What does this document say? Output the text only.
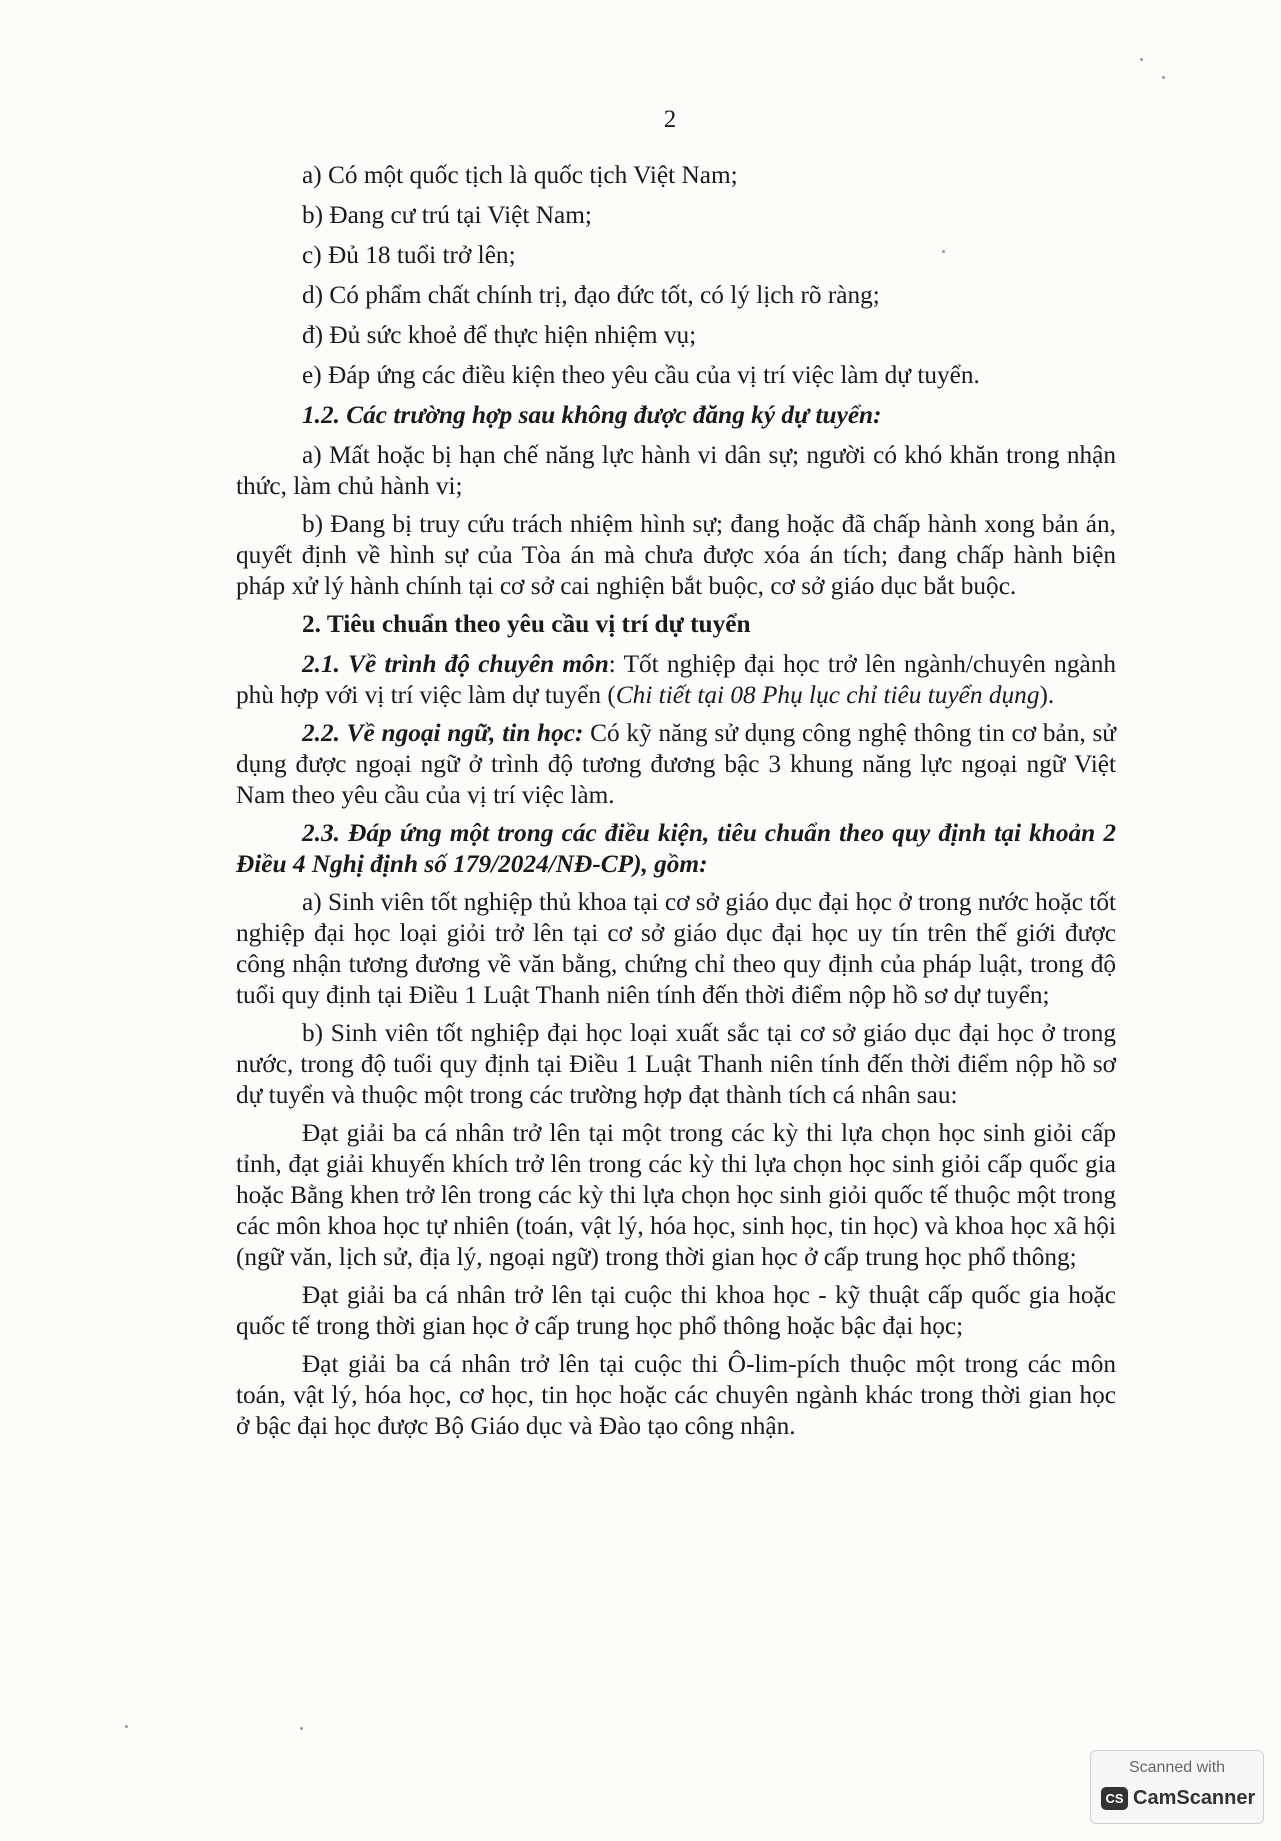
2

a) Có một quốc tịch là quốc tịch Việt Nam;

b) Đang cư trú tại Việt Nam;

c) Đủ 18 tuổi trở lên;

d) Có phẩm chất chính trị, đạo đức tốt, có lý lịch rõ ràng;

đ) Đủ sức khoẻ để thực hiện nhiệm vụ;

e) Đáp ứng các điều kiện theo yêu cầu của vị trí việc làm dự tuyển.

1.2. Các trường hợp sau không được đăng ký dự tuyển:

a) Mất hoặc bị hạn chế năng lực hành vi dân sự; người có khó khăn trong nhận thức, làm chủ hành vi;

b) Đang bị truy cứu trách nhiệm hình sự; đang hoặc đã chấp hành xong bản án, quyết định về hình sự của Tòa án mà chưa được xóa án tích; đang chấp hành biện pháp xử lý hành chính tại cơ sở cai nghiện bắt buộc, cơ sở giáo dục bắt buộc.

2. Tiêu chuẩn theo yêu cầu vị trí dự tuyển

2.1. Về trình độ chuyên môn: Tốt nghiệp đại học trở lên ngành/chuyên ngành phù hợp với vị trí việc làm dự tuyển (Chi tiết tại 08 Phụ lục chỉ tiêu tuyển dụng).

2.2. Về ngoại ngữ, tin học: Có kỹ năng sử dụng công nghệ thông tin cơ bản, sử dụng được ngoại ngữ ở trình độ tương đương bậc 3 khung năng lực ngoại ngữ Việt Nam theo yêu cầu của vị trí việc làm.

2.3. Đáp ứng một trong các điều kiện, tiêu chuẩn theo quy định tại khoản 2 Điều 4 Nghị định số 179/2024/NĐ-CP), gồm:

a) Sinh viên tốt nghiệp thủ khoa tại cơ sở giáo dục đại học ở trong nước hoặc tốt nghiệp đại học loại giỏi trở lên tại cơ sở giáo dục đại học uy tín trên thế giới được công nhận tương đương về văn bằng, chứng chỉ theo quy định của pháp luật, trong độ tuổi quy định tại Điều 1 Luật Thanh niên tính đến thời điểm nộp hồ sơ dự tuyển;

b) Sinh viên tốt nghiệp đại học loại xuất sắc tại cơ sở giáo dục đại học ở trong nước, trong độ tuổi quy định tại Điều 1 Luật Thanh niên tính đến thời điểm nộp hồ sơ dự tuyển và thuộc một trong các trường hợp đạt thành tích cá nhân sau:

Đạt giải ba cá nhân trở lên tại một trong các kỳ thi lựa chọn học sinh giỏi cấp tỉnh, đạt giải khuyến khích trở lên trong các kỳ thi lựa chọn học sinh giỏi cấp quốc gia hoặc Bằng khen trở lên trong các kỳ thi lựa chọn học sinh giỏi quốc tế thuộc một trong các môn khoa học tự nhiên (toán, vật lý, hóa học, sinh học, tin học) và khoa học xã hội (ngữ văn, lịch sử, địa lý, ngoại ngữ) trong thời gian học ở cấp trung học phổ thông;

Đạt giải ba cá nhân trở lên tại cuộc thi khoa học - kỹ thuật cấp quốc gia hoặc quốc tế trong thời gian học ở cấp trung học phổ thông hoặc bậc đại học;

Đạt giải ba cá nhân trở lên tại cuộc thi Ô-lim-pích thuộc một trong các môn toán, vật lý, hóa học, cơ học, tin học hoặc các chuyên ngành khác trong thời gian học ở bậc đại học được Bộ Giáo dục và Đào tạo công nhận.

Scanned with
CS CamScanner
